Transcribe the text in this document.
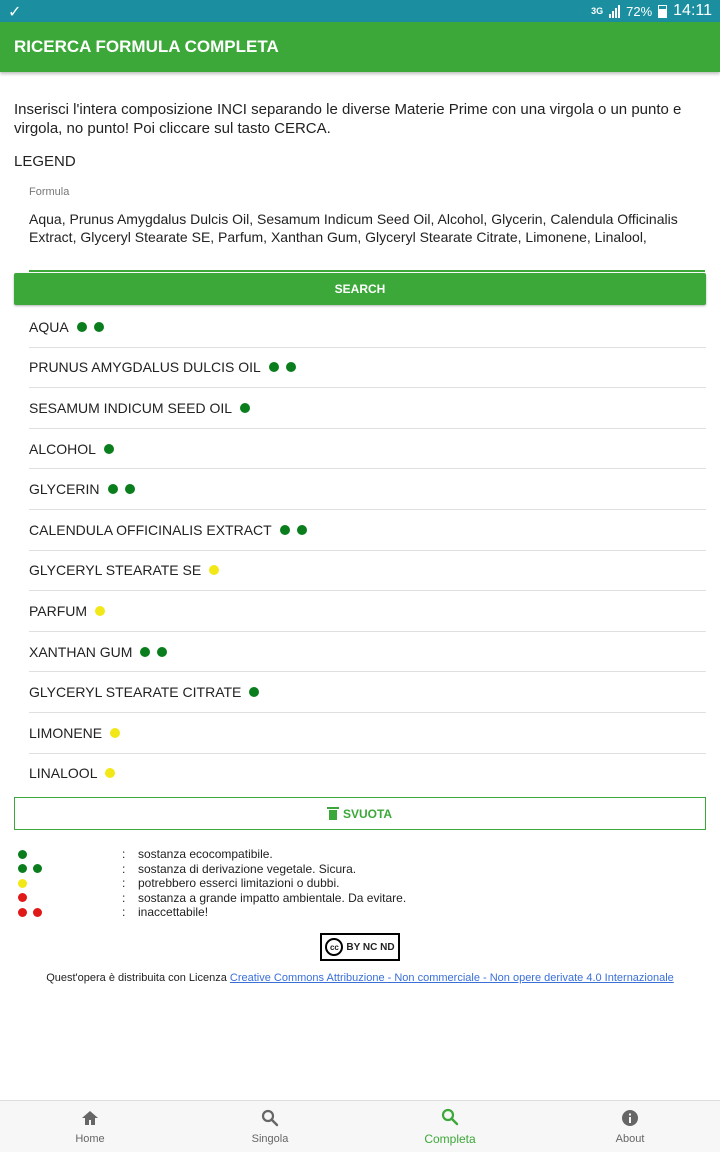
✓	3G 72% 14:11
RICERCA FORMULA COMPLETA
Inserisci l'intera composizione INCI separando le diverse Materie Prime con una virgola o un punto e virgola, no punto! Poi cliccare sul tasto CERCA.
LEGEND
Formula
Aqua, Prunus Amygdalus Dulcis Oil, Sesamum Indicum Seed Oil, Alcohol, Glycerin, Calendula Officinalis Extract, Glyceryl Stearate SE, Parfum, Xanthan Gum, Glyceryl Stearate Citrate, Limonene, Linalool,
SEARCH
AQUA
PRUNUS AMYGDALUS DULCIS OIL
SESAMUM INDICUM SEED OIL
ALCOHOL
GLYCERIN
CALENDULA OFFICINALIS EXTRACT
GLYCERYL STEARATE SE
PARFUM
XANTHAN GUM
GLYCERYL STEARATE CITRATE
LIMONENE
LINALOOL
SVUOTA
:	sostanza ecocompatibile.
:	sostanza di derivazione vegetale. Sicura.
:	potrebbero esserci limitazioni o dubbi.
:	sostanza a grande impatto ambientale. Da evitare.
:	inaccettabile!
cc BY NC ND
Quest'opera è distribuita con Licenza Creative Commons Attribuzione - Non commerciale - Non opere derivate 4.0 Internazionale
Home	Singola	Completa	About
